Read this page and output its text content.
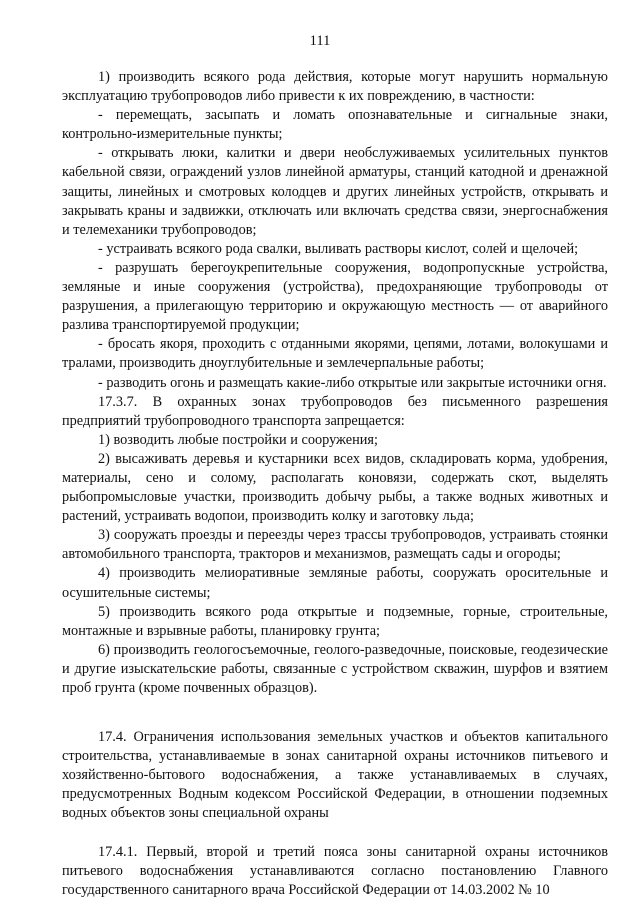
111

1) производить всякого рода действия, которые могут нарушить нормальную эксплуатацию трубопроводов либо привести к их повреждению, в частности:

- перемещать, засыпать и ломать опознавательные и сигнальные знаки, контрольно-измерительные пункты;

- открывать люки, калитки и двери необслуживаемых усилительных пунктов кабельной связи, ограждений узлов линейной арматуры, станций катодной и дренажной защиты, линейных и смотровых колодцев и других линейных устройств, открывать и закрывать краны и задвижки, отключать или включать средства связи, энергоснабжения и телемеханики трубопроводов;

- устраивать всякого рода свалки, выливать растворы кислот, солей и щелочей;

- разрушать берегоукрепительные сооружения, водопропускные устройства, земляные и иные сооружения (устройства), предохраняющие трубопроводы от разрушения, а прилегающую территорию и окружающую местность — от аварийного разлива транспортируемой продукции;

- бросать якоря, проходить с отданными якорями, цепями, лотами, волокушами и тралами, производить дноуглубительные и землечерпальные работы;

- разводить огонь и размещать какие-либо открытые или закрытые источники огня.

17.3.7. В охранных зонах трубопроводов без письменного разрешения предприятий трубопроводного транспорта запрещается:

1) возводить любые постройки и сооружения;

2) высаживать деревья и кустарники всех видов, складировать корма, удобрения, материалы, сено и солому, располагать коновязи, содержать скот, выделять рыбопромысловые участки, производить добычу рыбы, а также водных животных и растений, устраивать водопои, производить колку и заготовку льда;

3) сооружать проезды и переезды через трассы трубопроводов, устраивать стоянки автомобильного транспорта, тракторов и механизмов, размещать сады и огороды;

4) производить мелиоративные земляные работы, сооружать оросительные и осушительные системы;

5) производить всякого рода открытые и подземные, горные, строительные, монтажные и взрывные работы, планировку грунта;

6) производить геологосъемочные, геолого-разведочные, поисковые, геодезические и другие изыскательские работы, связанные с устройством скважин, шурфов и взятием проб грунта (кроме почвенных образцов).

17.4. Ограничения использования земельных участков и объектов капитального строительства, устанавливаемые в зонах санитарной охраны источников питьевого и хозяйственно-бытового водоснабжения, а также устанавливаемых в случаях, предусмотренных Водным кодексом Российской Федерации, в отношении подземных водных объектов зоны специальной охраны

17.4.1. Первый, второй и третий пояса зоны санитарной охраны источников питьевого водоснабжения устанавливаются согласно постановлению Главного государственного санитарного врача Российской Федерации от 14.03.2002 № 10
